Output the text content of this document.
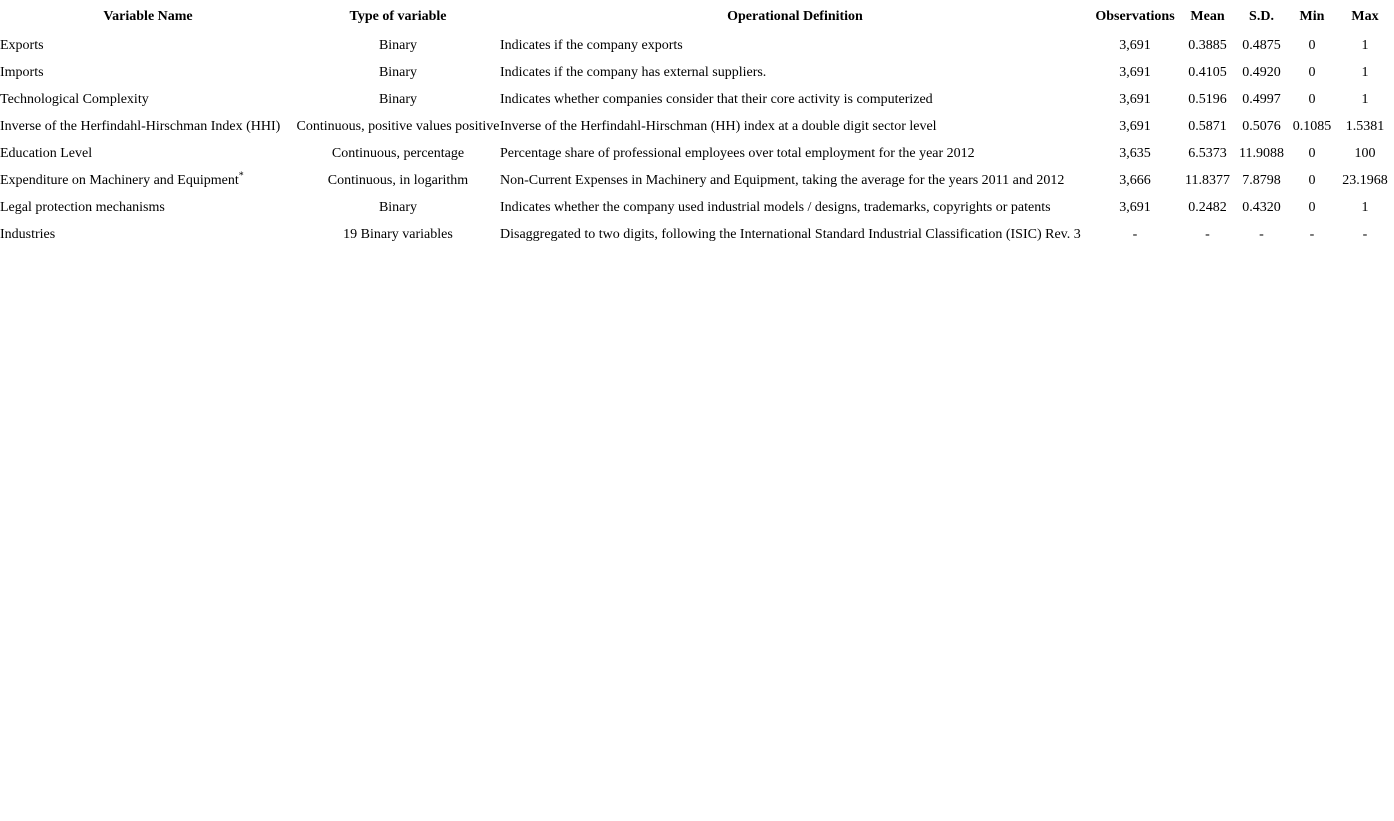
Variable Name	Type of variable	Operational Definition	Observations	Mean	S.D.	Min	Max
Exports	Binary	Indicates if the company exports	3,691	0.3885	0.4875	0	1
Imports	Binary	Indicates if the company has external suppliers.	3,691	0.4105	0.4920	0	1
Technological Complexity	Binary	Indicates whether companies consider that their core activity is computerized	3,691	0.5196	0.4997	0	1
Inverse of the Herfindahl-Hirschman Index (HHI)	Continuous, positive values positive	Inverse of the Herfindahl-Hirschman (HH) index at a double digit sector level	3,691	0.5871	0.5076	0.1085	1.5381
Education Level	Continuous, percentage	Percentage share of professional employees over total employment for the year 2012	3,635	6.5373	11.9088	0	100
Expenditure on Machinery and Equipment*	Continuous, in logarithm	Non-Current Expenses in Machinery and Equipment, taking the average for the years 2011 and 2012	3,666	11.8377	7.8798	0	23.1968
Legal protection mechanisms	Binary	Indicates whether the company used industrial models / designs, trademarks, copyrights or patents	3,691	0.2482	0.4320	0	1
Industries	19 Binary variables	Disaggregated to two digits, following the International Standard Industrial Classification (ISIC) Rev. 3	-	-	-	-	-
